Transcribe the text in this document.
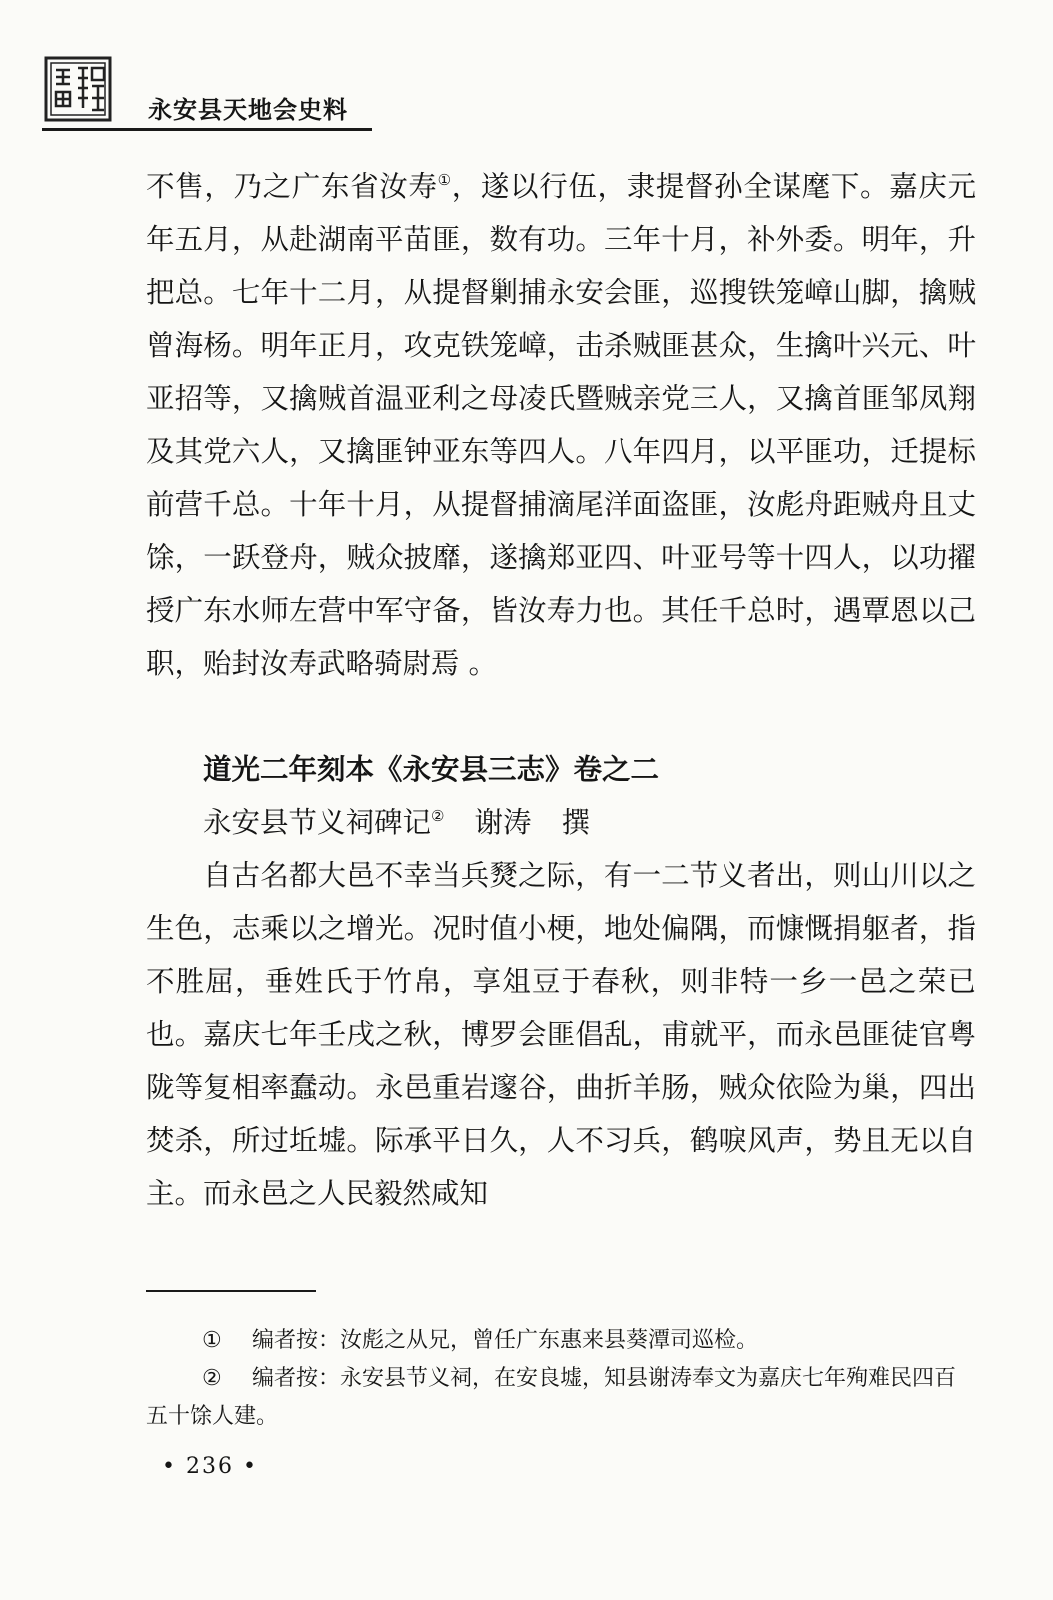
永安县天地会史料

不售，乃之广东省汝寿①，遂以行伍，隶提督孙全谋麾下。嘉庆元年五月，从赴湖南平苗匪，数有功。三年十月，补外委。明年，升把总。七年十二月，从提督剿捕永安会匪，巡搜铁笼嶂山脚，擒贼曾海杨。明年正月，攻克铁笼嶂，击杀贼匪甚众，生擒叶兴元、叶亚招等，又擒贼首温亚利之母凌氏暨贼亲党三人，又擒首匪邹凤翔及其党六人，又擒匪钟亚东等四人。八年四月，以平匪功，迁提标前营千总。十年十月，从提督捕滴尾洋面盗匪，汝彪舟距贼舟且丈馀，一跃登舟，贼众披靡，遂擒郑亚四、叶亚号等十四人，以功擢授广东水师左营中军守备，皆汝寿力也。其任千总时，遇覃恩以己职，贻封汝寿武略骑尉焉 。

道光二年刻本《永安县三志》卷之二

永安县节义祠碑记② 谢涛 撰

自古名都大邑不幸当兵燹之际，有一二节义者出，则山川以之生色，志乘以之增光。况时值小梗，地处偏隅，而慷慨捐躯者，指不胜屈，垂姓氏于竹帛，享俎豆于春秋，则非特一乡一邑之荣已也。嘉庆七年壬戌之秋，博罗会匪倡乱，甫就平，而永邑匪徒官粤陇等复相率蠢动。永邑重岩邃谷，曲折羊肠，贼众依险为巢，四出焚杀，所过坵墟。际承平日久，人不习兵，鹤唳风声，势且无以自主。而永邑之人民毅然咸知

① 编者按：汝彪之从兄，曾任广东惠来县葵潭司巡检。

② 编者按：永安县节义祠，在安良墟，知县谢涛奉文为嘉庆七年殉难民四百五十馀人建。

• 236 •
